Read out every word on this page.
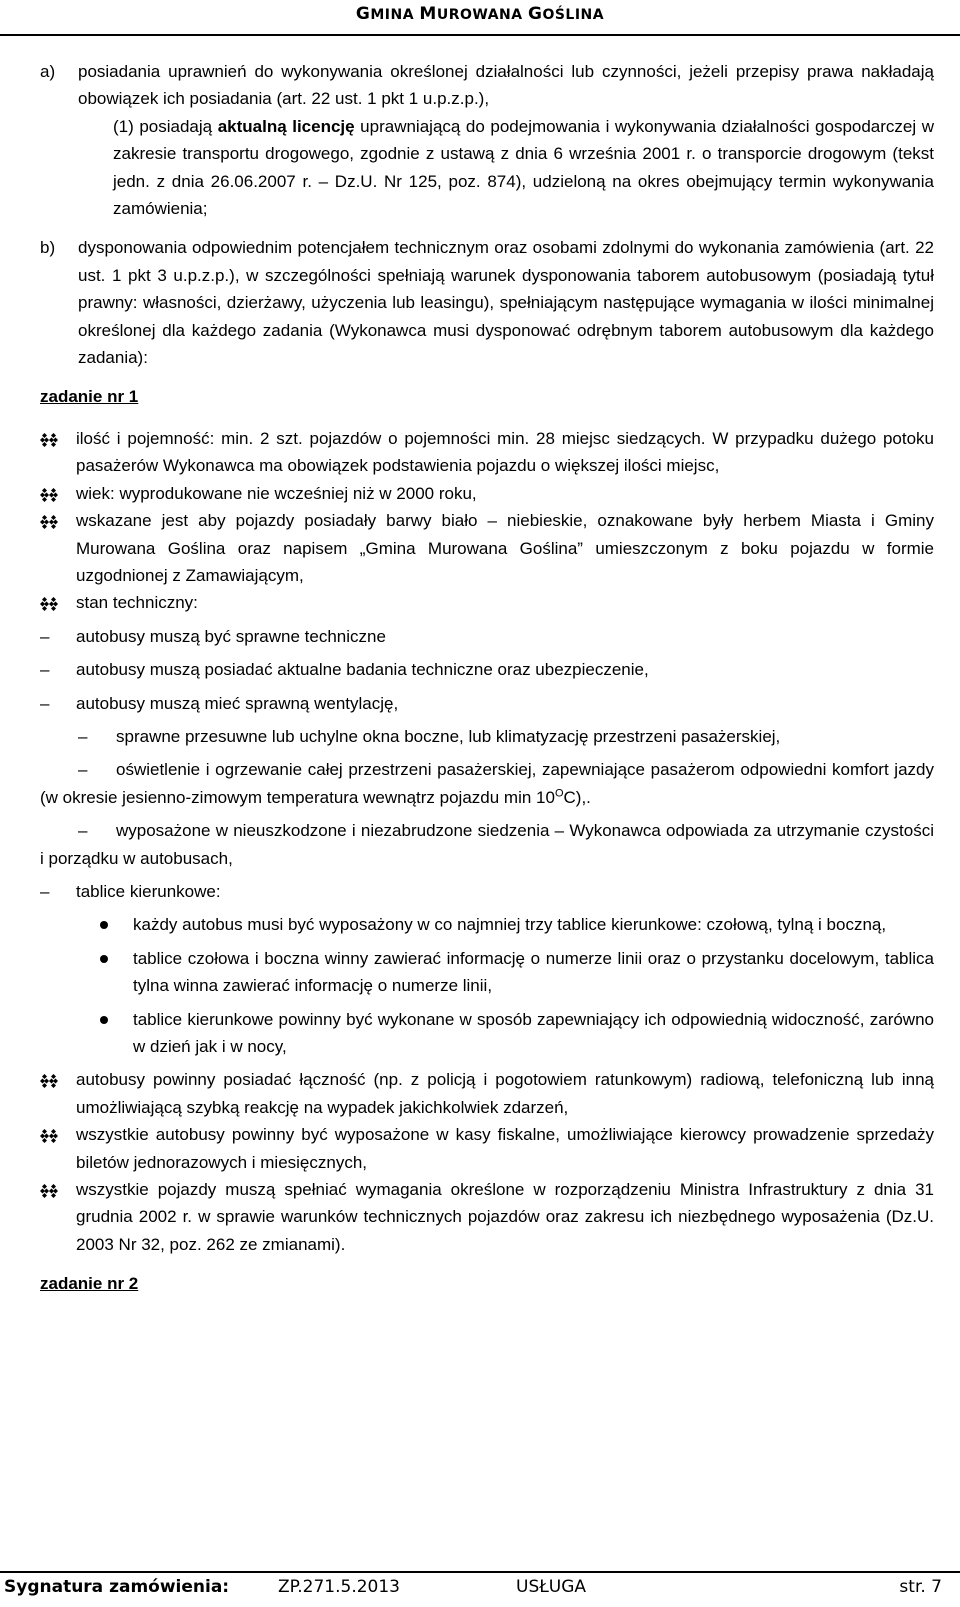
GMINA MUROWANA GOŚLINA

a) posiadania uprawnień do wykonywania określonej działalności lub czynności, jeżeli przepisy prawa nakładają obowiązek ich posiadania (art. 22 ust. 1 pkt 1 u.p.z.p.),

(1) posiadają aktualną licencję uprawniającą do podejmowania i wykonywania działalności gospodarczej w zakresie transportu drogowego, zgodnie z ustawą z dnia 6 września 2001 r. o transporcie drogowym (tekst jedn. z dnia 26.06.2007 r. – Dz.U. Nr 125, poz. 874), udzieloną na okres obejmujący termin wykonywania zamówienia;

b) dysponowania odpowiednim potencjałem technicznym oraz osobami zdolnymi do wykonania zamówienia (art. 22 ust. 1 pkt 3 u.p.z.p.), w szczególności spełniają warunek dysponowania taborem autobusowym (posiadają tytuł prawny: własności, dzierżawy, użyczenia lub leasingu), spełniającym następujące wymagania w ilości minimalnej określonej dla każdego zadania (Wykonawca musi dysponować odrębnym taborem autobusowym dla każdego zadania):

zadanie nr 1
ilość i pojemność: min. 2 szt. pojazdów o pojemności min. 28 miejsc siedzących. W przypadku dużego potoku pasażerów Wykonawca ma obowiązek podstawienia pojazdu o większej ilości miejsc,
wiek: wyprodukowane nie wcześniej niż w 2000 roku,
wskazane jest aby pojazdy posiadały barwy biało – niebieskie, oznakowane były herbem Miasta i Gminy Murowana Goślina oraz napisem „Gmina Murowana Goślina” umieszczonym z boku pojazdu w formie uzgodnionej z Zamawiającym,
stan techniczny:
–	autobusy muszą być sprawne techniczne
–	autobusy muszą posiadać aktualne badania techniczne oraz ubezpieczenie,
–	autobusy muszą mieć sprawną wentylację,
–	sprawne przesuwne lub uchylne okna boczne, lub klimatyzację przestrzeni pasażerskiej,
–	oświetlenie i ogrzewanie całej przestrzeni pasażerskiej, zapewniające pasażerom odpowiedni komfort jazdy (w okresie jesienno-zimowym temperatura wewnątrz pojazdu $\min 10^OC$),.
–	wyposażone w nieuszkodzone i niezabrudzone siedzenia – Wykonawca odpowiada za utrzymanie czystości i porządku w autobusach,
–	tablice kierunkowe:
każdy autobus musi być wyposażony w co najmniej trzy tablice kierunkowe: czołową, tylną i boczną,
tablice czołowa i boczna winny zawierać informację o numerze linii oraz o przystanku docelowym, tablica tylna winna zawierać informację o numerze linii,
tablice kierunkowe powinny być wykonane w sposób zapewniający ich odpowiednią widoczność, zarówno w dzień jak i w nocy,
autobusy powinny posiadać łączność (np. z policją i pogotowiem ratunkowym) radiową, telefoniczną lub inną umożliwiającą szybką reakcję na wypadek jakichkolwiek zdarzeń,
wszystkie autobusy powinny być wyposażone w kasy fiskalne, umożliwiające kierowcy prowadzenie sprzedaży biletów jednorazowych i miesięcznych,
wszystkie pojazdy muszą spełniać wymagania określone w rozporządzeniu Ministra Infrastruktury z dnia 31 grudnia 2002 r. w sprawie warunków technicznych pojazdów oraz zakresu ich niezbędnego wyposażenia (Dz.U. 2003 Nr 32, poz. 262 ze zmianami).
zadanie nr 2
Sygnatura zamówienia:	ZP.271.5.2013	USŁUGA	str. 7
